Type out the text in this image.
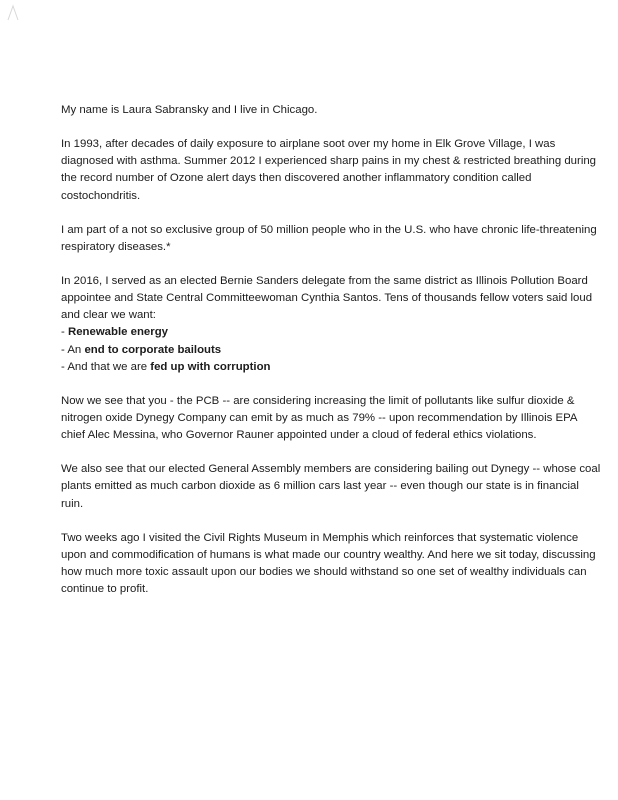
My name is Laura Sabransky and I live in Chicago.

In 1993, after decades of daily exposure to airplane soot over my home in Elk Grove Village, I was diagnosed with asthma. Summer 2012 I experienced sharp pains in my chest & restricted breathing during the record number of Ozone alert days then discovered another inflammatory condition called costochondritis.

I am part of a not so exclusive group of 50 million people who in the U.S. who have chronic life-threatening respiratory diseases.*

In 2016, I served as an elected Bernie Sanders delegate from the same district as Illinois Pollution Board appointee and State Central Committeewoman Cynthia Santos. Tens of thousands fellow voters said loud and clear we want:
- Renewable energy
- An end to corporate bailouts
- And that we are fed up with corruption

Now we see that you - the PCB -- are considering increasing the limit of pollutants like sulfur dioxide & nitrogen oxide Dynegy Company can emit by as much as 79% -- upon recommendation by Illinois EPA chief Alec Messina, who Governor Rauner appointed under a cloud of federal ethics violations.

We also see that our elected General Assembly members are considering bailing out Dynegy -- whose coal plants emitted as much carbon dioxide as 6 million cars last year -- even though our state is in financial ruin.

Two weeks ago I visited the Civil Rights Museum in Memphis which reinforces that systematic violence upon and commodification of humans is what made our country wealthy. And here we sit today, discussing how much more toxic assault upon our bodies we should withstand so one set of wealthy individuals can continue to profit.
